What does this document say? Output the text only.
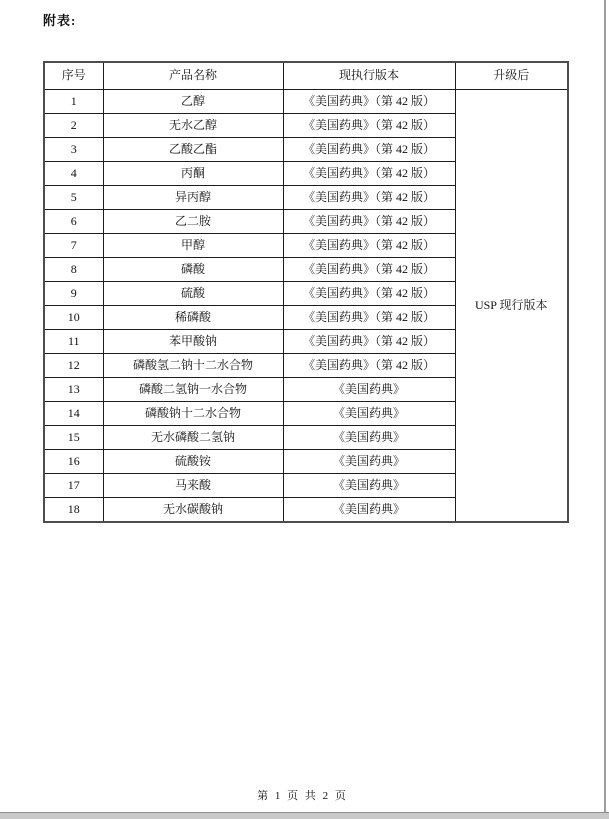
附表:
序号	产品名称	现执行版本	升级后
1	乙醇	《美国药典》（第 42 版）	USP 现行版本
2	无水乙醇	《美国药典》（第 42 版）	
3	乙酸乙酯	《美国药典》（第 42 版）	
4	丙酮	《美国药典》（第 42 版）	
5	异丙醇	《美国药典》（第 42 版）	
6	乙二胺	《美国药典》（第 42 版）	
7	甲醇	《美国药典》（第 42 版）	
8	磷酸	《美国药典》（第 42 版）	
9	硫酸	《美国药典》（第 42 版）	
10	稀磷酸	《美国药典》（第 42 版）	
11	苯甲酸钠	《美国药典》（第 42 版）	
12	磷酸氢二钠十二水合物	《美国药典》（第 42 版）	
13	磷酸二氢钠一水合物	《美国药典》	
14	磷酸钠十二水合物	《美国药典》	
15	无水磷酸二氢钠	《美国药典》	
16	硫酸铵	《美国药典》	
17	马来酸	《美国药典》	
18	无水碳酸钠	《美国药典》	
第 1 页 共 2 页
